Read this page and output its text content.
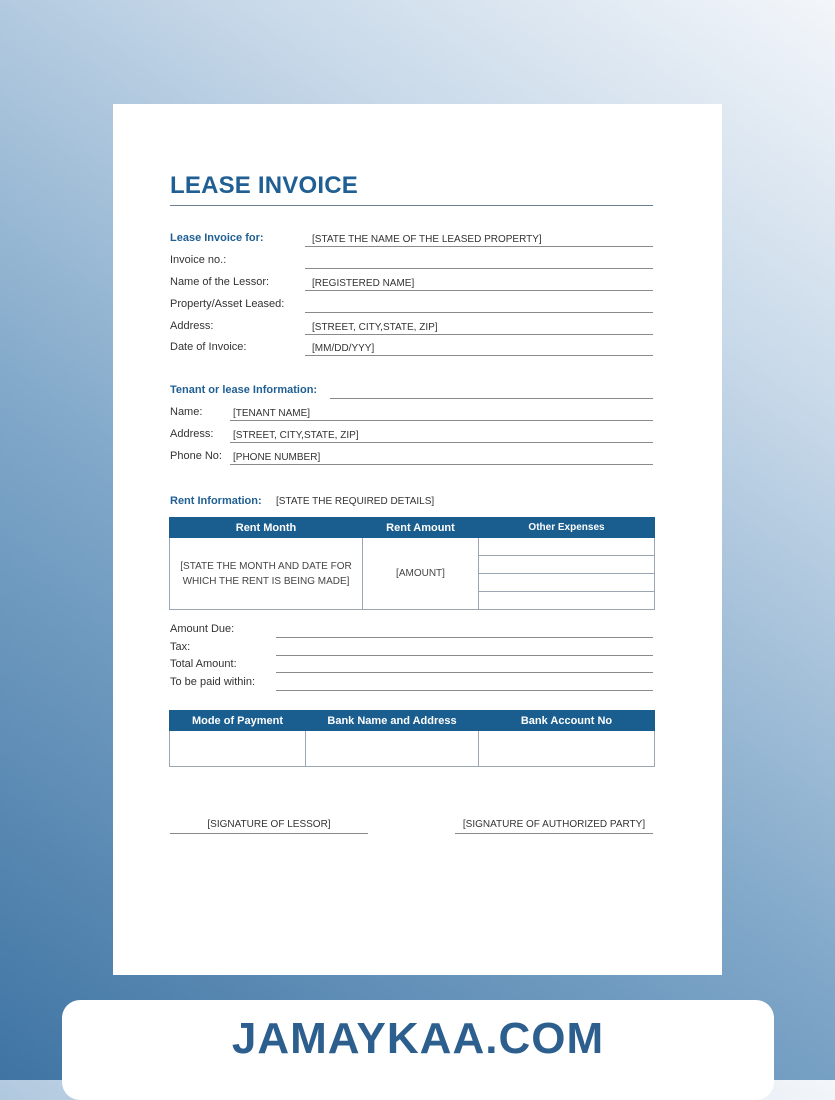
LEASE INVOICE
Lease Invoice for:	[STATE THE NAME OF THE LEASED PROPERTY]
Invoice no.:
Name of the Lessor:	[REGISTERED NAME]
Property/Asset Leased:
Address:	[STREET, CITY,STATE, ZIP]
Date of Invoice:	[MM/DD/YYY]
Tenant or lease Information:
Name:	[TENANT NAME]
Address: [STREET, CITY,STATE, ZIP]
Phone No: [PHONE NUMBER]
Rent Information: [STATE THE REQUIRED DETAILS]
Rent Month	Rent Amount	Other Expenses
[STATE THE MONTH AND DATE FOR WHICH THE RENT IS BEING MADE]	[AMOUNT]	

Amount Due:
Tax:
Total Amount:
To be paid within:
Mode of Payment	Bank Name and Address	Bank Account No

[SIGNATURE OF LESSOR]	[SIGNATURE OF AUTHORIZED PARTY]
JAMAYKAA.COM
